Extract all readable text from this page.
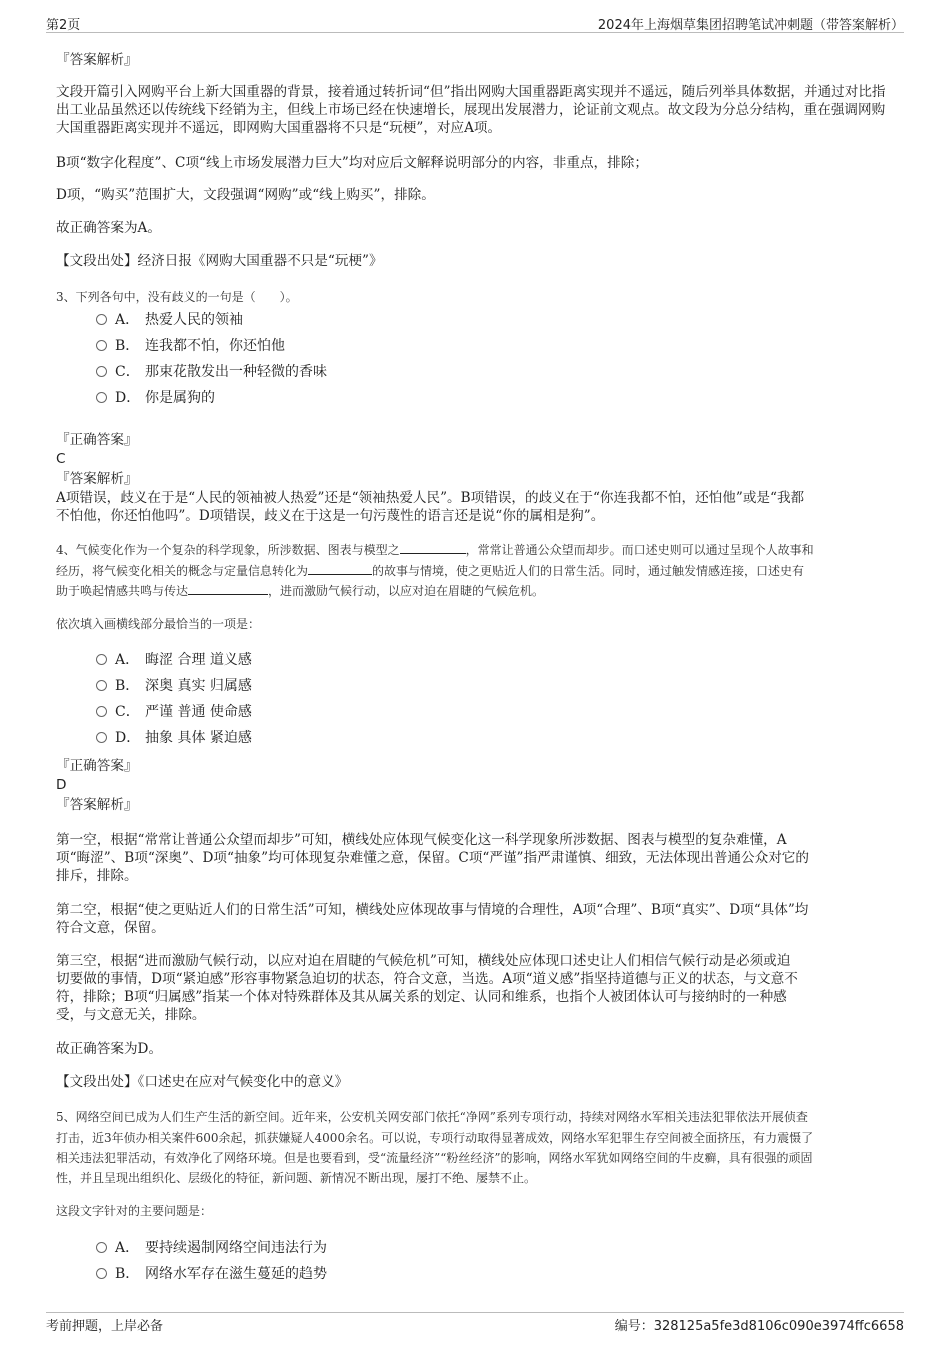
第2页	2024年上海烟草集团招聘笔试冲刺题（带答案解析）
『答案解析』

文段开篇引入网购平台上新大国重器的背景，接着通过转折词“但”指出网购大国重器距离实现并不遥远，随后列举具体数据，并通过对比指出工业品虽然还以传统线下经销为主，但线上市场已经在快速增长，展现出发展潜力，论证前文观点。故文段为分总分结构，重在强调网购大国重器距离实现并不遥远，即网购大国重器将不只是“玩梗”，对应A项。

B项“数字化程度”、C项“线上市场发展潜力巨大”均对应后文解释说明部分的内容，非重点，排除；

D项，“购买”范围扩大，文段强调“网购”或“线上购买”，排除。

故正确答案为A。

【文段出处】经济日报《网购大国重器不只是“玩梗”》

3、下列各句中，没有歧义的一句是（　　）。

A． 热爱人民的领袖
B． 连我都不怕，你还怕他
C． 那束花散发出一种轻微的香味
D． 你是属狗的
『正确答案』
C
『答案解析』

A项错误，歧义在于是“人民的领袖被人热爱”还是“领袖热爱人民”。B项错误，的歧义在于“你连我都不怕，还怕他”或是“我都

不怕他，你还怕他吗”。D项错误，歧义在于这是一句污蔑性的语言还是说“你的属相是狗”。

4、气候变化作为一个复杂的科学现象，所涉数据、图表与模型之	，常常让普通公众望而却步。而口述史则可以通过呈现个人故事和

经历，将气候变化相关的概念与定量信息转化为	的故事与情境，使之更贴近人们的日常生活。同时，通过触发情感连接，口述史有

助于唤起情感共鸣与传达	，进而激励气候行动，以应对迫在眉睫的气候危机。

依次填入画横线部分最恰当的一项是：

A． 晦涩 合理 道义感
B． 深奥 真实 归属感
C． 严谨 普通 使命感
D． 抽象 具体 紧迫感
『正确答案』
D
『答案解析』

第一空，根据“常常让普通公众望而却步”可知，横线处应体现气候变化这一科学现象所涉数据、图表与模型的复杂难懂，A

项“晦涩”、B项“深奥”、D项“抽象”均可体现复杂难懂之意，保留。C项“严谨”指严肃谨慎、细致，无法体现出普通公众对它的

排斥，排除。

第二空，根据“使之更贴近人们的日常生活”可知，横线处应体现故事与情境的合理性，A项“合理”、B项“真实”、D项“具体”均

符合文意，保留。

第三空，根据“进而激励气候行动，以应对迫在眉睫的气候危机”可知，横线处应体现口述史让人们相信气候行动是必须或迫

切要做的事情，D项“紧迫感”形容事物紧急迫切的状态，符合文意，当选。A项“道义感”指坚持道德与正义的状态，与文意不

符，排除；B项“归属感”指某一个体对特殊群体及其从属关系的划定、认同和维系，也指个人被团体认可与接纳时的一种感

受，与文意无关，排除。

故正确答案为D。

【文段出处】《口述史在应对气候变化中的意义》

5、网络空间已成为人们生产生活的新空间。近年来，公安机关网安部门依托“净网”系列专项行动，持续对网络水军相关违法犯罪依法开展侦查

打击，近3年侦办相关案件600余起，抓获嫌疑人4000余名。可以说，专项行动取得显著成效，网络水军犯罪生存空间被全面挤压，有力震慑了

相关违法犯罪活动，有效净化了网络环境。但是也要看到，受“流量经济”“粉丝经济”的影响，网络水军犹如网络空间的牛皮癣，具有很强的顽固

性，并且呈现出组织化、层级化的特征，新问题、新情况不断出现，屡打不绝、屡禁不止。

这段文字针对的主要问题是：

A． 要持续遏制网络空间违法行为
B． 网络水军存在滋生蔓延的趋势
考前押题，上岸必备	编号：328125a5fe3d8106c090e3974ffc6658
